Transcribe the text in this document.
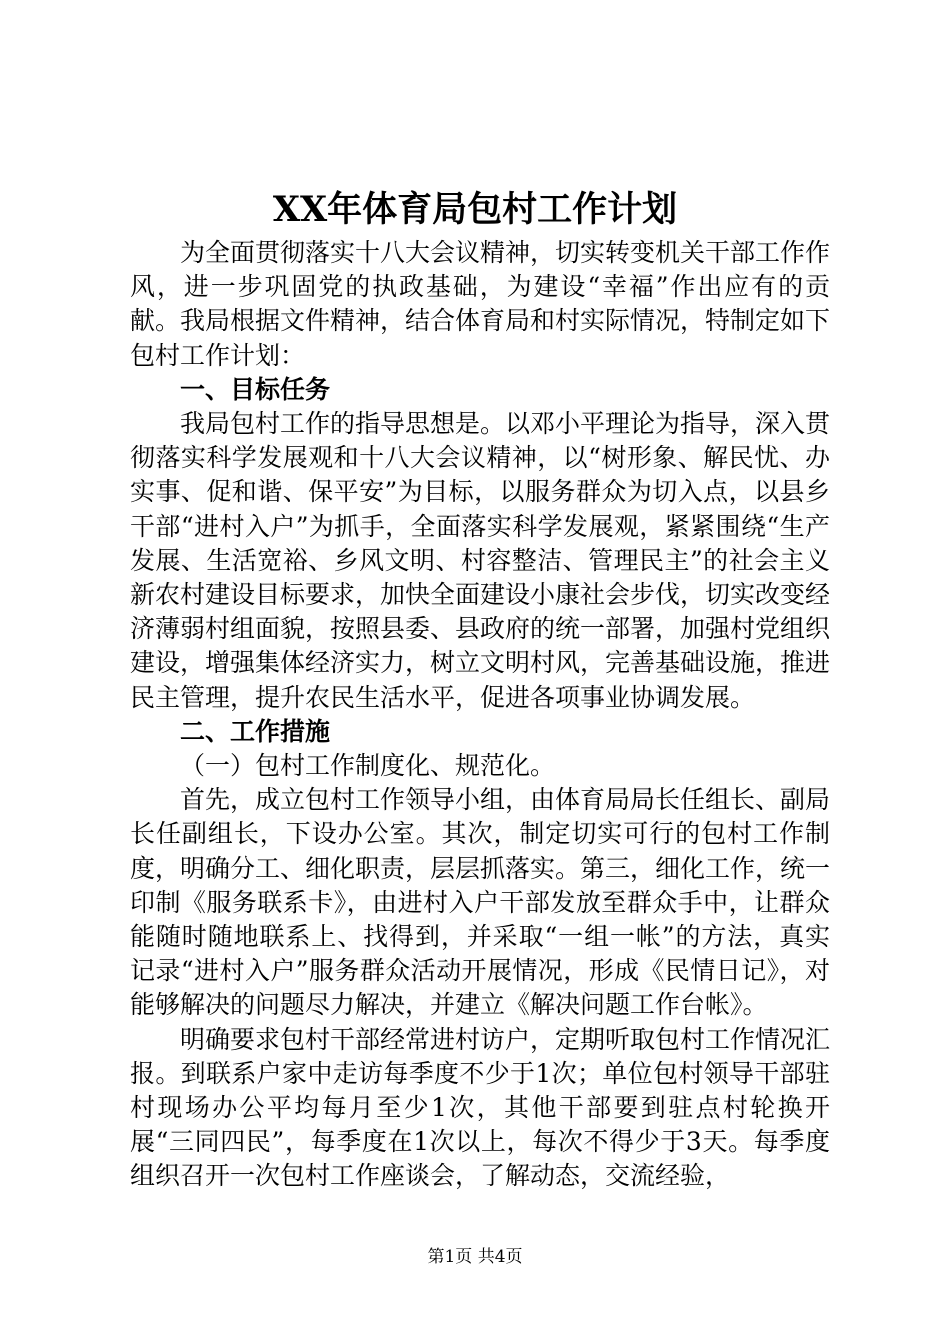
XX年体育局包村工作计划

为全面贯彻落实十八大会议精神，切实转变机关干部工作作风，进一步巩固党的执政基础，为建设“幸福”作出应有的贡献。我局根据文件精神，结合体育局和村实际情况，特制定如下包村工作计划：

一、目标任务

我局包村工作的指导思想是。以邓小平理论为指导，深入贯彻落实科学发展观和十八大会议精神，以“树形象、解民忧、办实事、促和谐、保平安”为目标，以服务群众为切入点，以县乡干部“进村入户”为抓手，全面落实科学发展观，紧紧围绕“生产发展、生活宽裕、乡风文明、村容整洁、管理民主”的社会主义新农村建设目标要求，加快全面建设小康社会步伐，切实改变经济薄弱村组面貌，按照县委、县政府的统一部署，加强村党组织建设，增强集体经济实力，树立文明村风，完善基础设施，推进民主管理，提升农民生活水平，促进各项事业协调发展。

二、工作措施

（一）包村工作制度化、规范化。

首先，成立包村工作领导小组，由体育局局长任组长、副局长任副组长，下设办公室。其次，制定切实可行的包村工作制度，明确分工、细化职责，层层抓落实。第三，细化工作，统一印制《服务联系卡》，由进村入户干部发放至群众手中，让群众能随时随地联系上、找得到，并采取“一组一帐”的方法，真实记录“进村入户”服务群众活动开展情况，形成《民情日记》，对能够解决的问题尽力解决，并建立《解决问题工作台帐》。

明确要求包村干部经常进村访户，定期听取包村工作情况汇报。到联系户家中走访每季度不少于1次；单位包村领导干部驻村现场办公平均每月至少1次，其他干部要到驻点村轮换开展“三同四民”，每季度在1次以上，每次不得少于3天。每季度组织召开一次包村工作座谈会，了解动态，交流经验，

第1页 共4页
